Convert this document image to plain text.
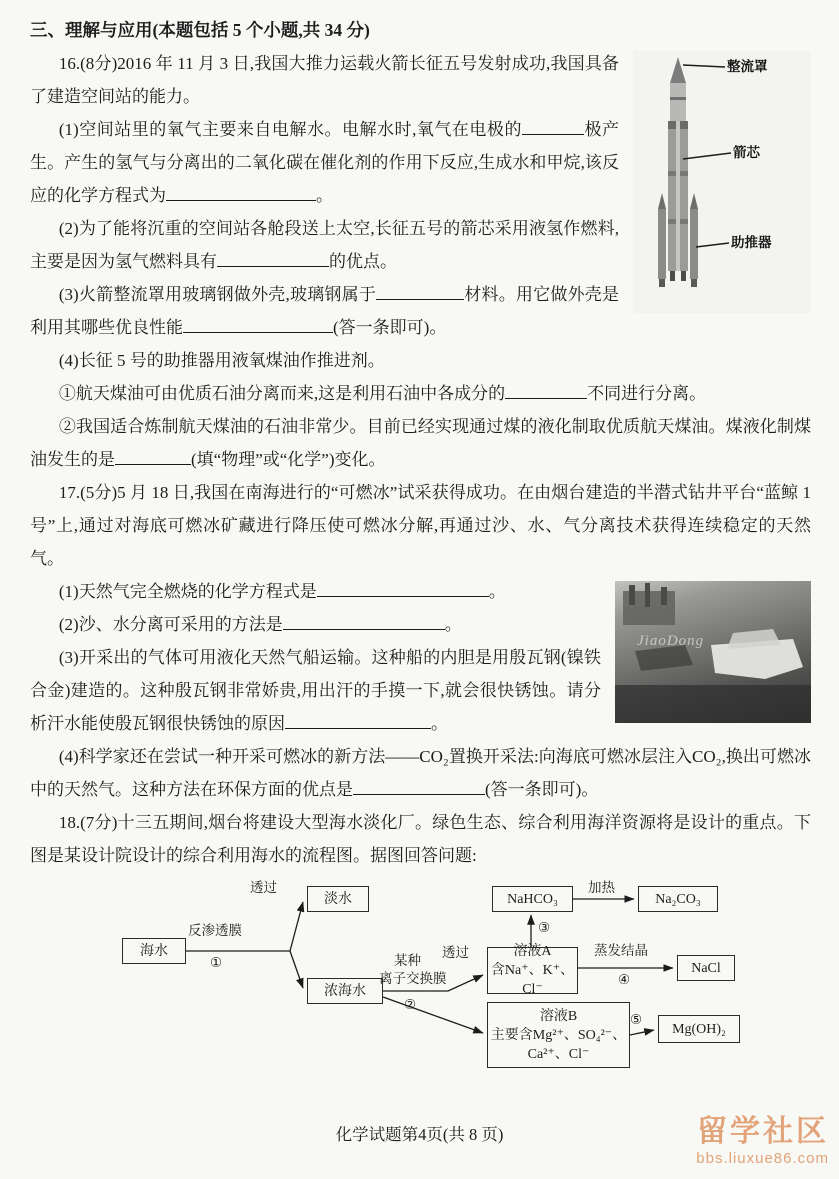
三、理解与应用(本题包括 5 个小题,共 34 分)
整流罩
箭芯
助推器

16.(8分)2016 年 11 月 3 日,我国大推力运载火箭长征五号发射成功,我国具备了建造空间站的能力。

(1)空间站里的氧气主要来自电解水。电解水时,氧气在电极的	极产生。产生的氢气与分离出的二氧化碳在催化剂的作用下反应,生成水和甲烷,该反应的化学方程式为	。

(2)为了能将沉重的空间站各舱段送上太空,长征五号的箭芯采用液氢作燃料,主要是因为氢气燃料具有	的优点。

(3)火箭整流罩用玻璃钢做外壳,玻璃钢属于	材料。用它做外壳是利用其哪些优良性能	(答一条即可)。

(4)长征 5 号的助推器用液氧煤油作推进剂。

①航天煤油可由优质石油分离而来,这是利用石油中各成分的	不同进行分离。

②我国适合炼制航天煤油的石油非常少。目前已经实现通过煤的液化制取优质航天煤油。煤液化制煤油发生的是	(填“物理”或“化学”)变化。

17.(5分)5 月 18 日,我国在南海进行的“可燃冰”试采获得成功。在由烟台建造的半潜式钻井平台“蓝鲸 1 号”上,通过对海底可燃冰矿藏进行降压使可燃冰分解,再通过沙、水、气分离技术获得连续稳定的天然气。

JiaoDong

(1)天然气完全燃烧的化学方程式是	。

(2)沙、水分离可采用的方法是	。

(3)开采出的气体可用液化天然气船运输。这种船的内胆是用殷瓦钢(镍铁合金)建造的。这种殷瓦钢非常娇贵,用出汗的手摸一下,就会很快锈蚀。请分析汗水能使殷瓦钢很快锈蚀的原因	。

(4)科学家还在尝试一种开采可燃冰的新方法——CO₂置换开采法:向海底可燃冰层注入CO₂,换出可燃冰中的天然气。这种方法在环保方面的优点是	(答一条即可)。

18.(7分)十三五期间,烟台将建设大型海水淡化厂。绿色生态、综合利用海洋资源将是设计的重点。下图是某设计院设计的综合利用海水的流程图。据图回答问题:

海水
淡水
浓海水
NaHCO₃	Na₂CO₃
溶液A
含Na⁺、K⁺、Cl⁻
NaCl
溶液B
主要含Mg²⁺、SO₄²⁻、
Ca²⁺、Cl⁻
Mg(OH)₂
反渗透膜
①
透过
某种
离子交换膜
②
透过
③
加热
蒸发结晶
④
⑤
化学试题第4页(共 8 页)	留学社区
bbs.liuxue86.com
